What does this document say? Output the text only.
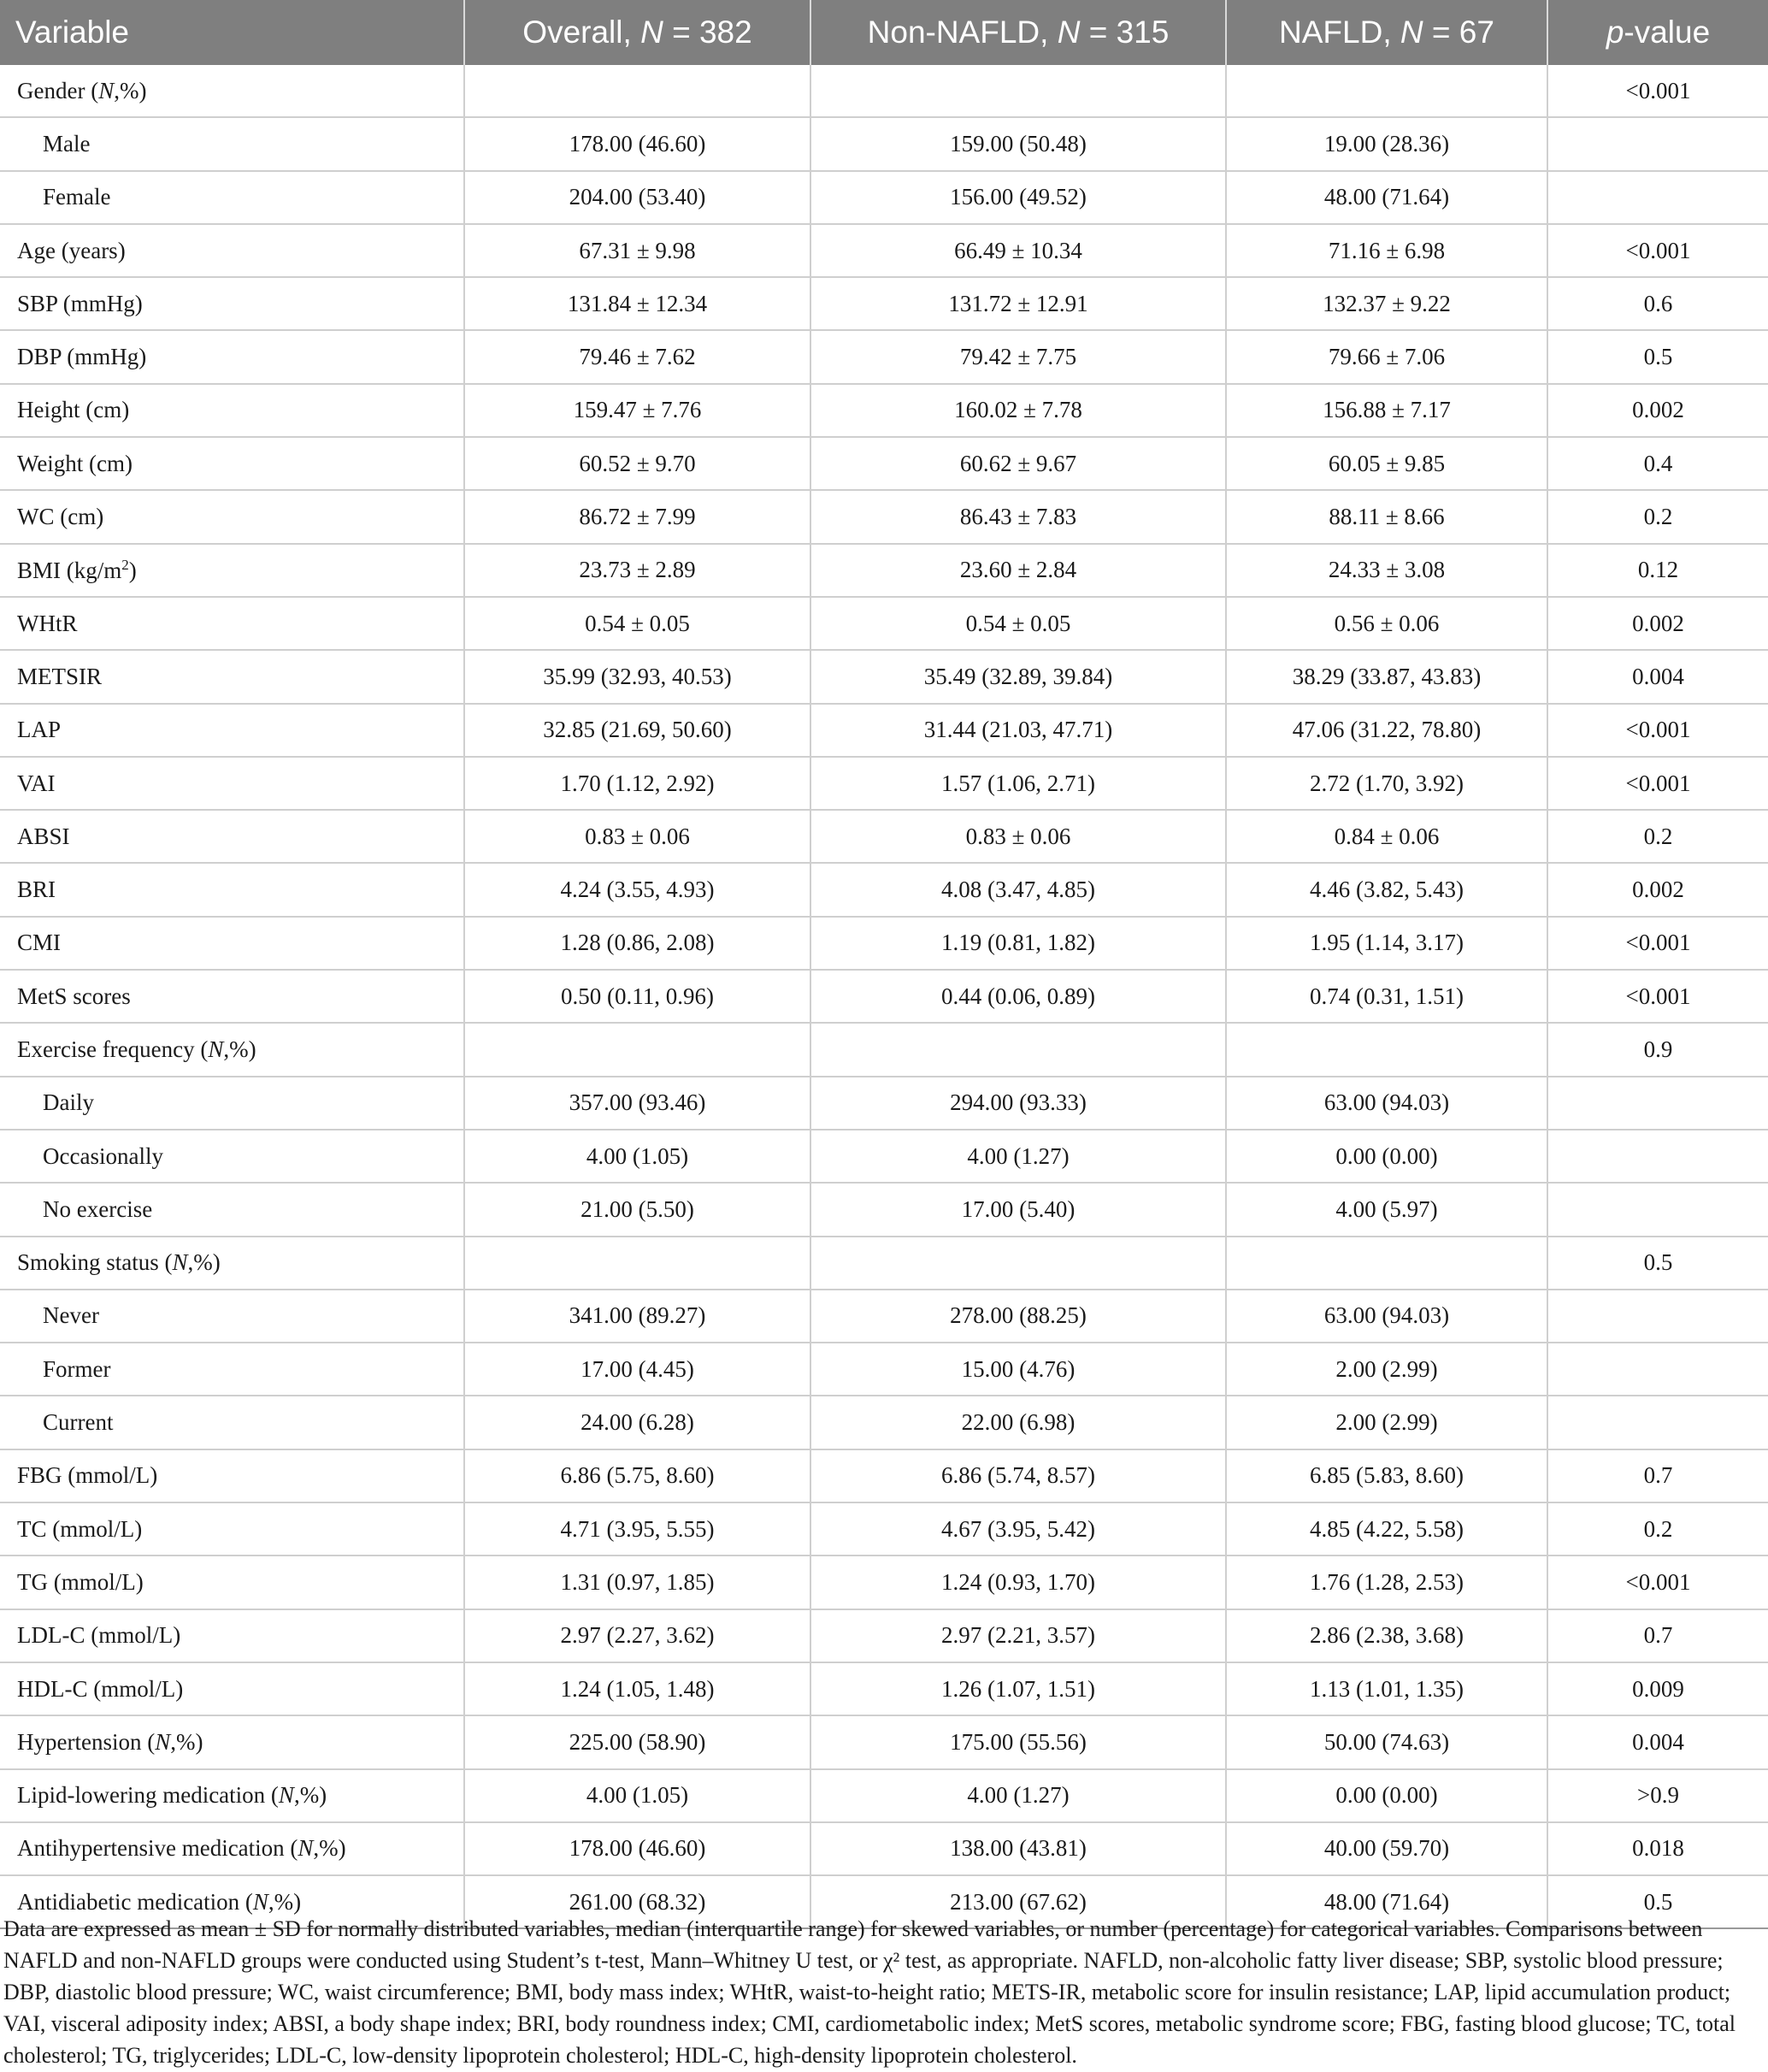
Variable	Overall, N = 382	Non-NAFLD, N = 315	NAFLD, N = 67	p-value
Gender (N,%)				<0.001
Male	178.00 (46.60)	159.00 (50.48)	19.00 (28.36)	
Female	204.00 (53.40)	156.00 (49.52)	48.00 (71.64)	
Age (years)	67.31 ± 9.98	66.49 ± 10.34	71.16 ± 6.98	<0.001
SBP (mmHg)	131.84 ± 12.34	131.72 ± 12.91	132.37 ± 9.22	0.6
DBP (mmHg)	79.46 ± 7.62	79.42 ± 7.75	79.66 ± 7.06	0.5
Height (cm)	159.47 ± 7.76	160.02 ± 7.78	156.88 ± 7.17	0.002
Weight (cm)	60.52 ± 9.70	60.62 ± 9.67	60.05 ± 9.85	0.4
WC (cm)	86.72 ± 7.99	86.43 ± 7.83	88.11 ± 8.66	0.2
BMI $(kg/m^2)$	23.73 ± 2.89	23.60 ± 2.84	24.33 ± 3.08	0.12
WHtR	0.54 ± 0.05	0.54 ± 0.05	0.56 ± 0.06	0.002
METSIR	35.99 (32.93, 40.53)	35.49 (32.89, 39.84)	38.29 (33.87, 43.83)	0.004
LAP	32.85 (21.69, 50.60)	31.44 (21.03, 47.71)	47.06 (31.22, 78.80)	<0.001
VAI	1.70 (1.12, 2.92)	1.57 (1.06, 2.71)	2.72 (1.70, 3.92)	<0.001
ABSI	0.83 ± 0.06	0.83 ± 0.06	0.84 ± 0.06	0.2
BRI	4.24 (3.55, 4.93)	4.08 (3.47, 4.85)	4.46 (3.82, 5.43)	0.002
CMI	1.28 (0.86, 2.08)	1.19 (0.81, 1.82)	1.95 (1.14, 3.17)	<0.001
MetS scores	0.50 (0.11, 0.96)	0.44 (0.06, 0.89)	0.74 (0.31, 1.51)	<0.001
Exercise frequency (N,%)				0.9
Daily	357.00 (93.46)	294.00 (93.33)	63.00 (94.03)	
Occasionally	4.00 (1.05)	4.00 (1.27)	0.00 (0.00)	
No exercise	21.00 (5.50)	17.00 (5.40)	4.00 (5.97)	
Smoking status (N,%)				0.5
Never	341.00 (89.27)	278.00 (88.25)	63.00 (94.03)	
Former	17.00 (4.45)	15.00 (4.76)	2.00 (2.99)	
Current	24.00 (6.28)	22.00 (6.98)	2.00 (2.99)	
FBG (mmol/L)	6.86 (5.75, 8.60)	6.86 (5.74, 8.57)	6.85 (5.83, 8.60)	0.7
TC (mmol/L)	4.71 (3.95, 5.55)	4.67 (3.95, 5.42)	4.85 (4.22, 5.58)	0.2
TG (mmol/L)	1.31 (0.97, 1.85)	1.24 (0.93, 1.70)	1.76 (1.28, 2.53)	<0.001
LDL-C (mmol/L)	2.97 (2.27, 3.62)	2.97 (2.21, 3.57)	2.86 (2.38, 3.68)	0.7
HDL-C (mmol/L)	1.24 (1.05, 1.48)	1.26 (1.07, 1.51)	1.13 (1.01, 1.35)	0.009
Hypertension (N,%)	225.00 (58.90)	175.00 (55.56)	50.00 (74.63)	0.004
Lipid-lowering medication (N,%)	4.00 (1.05)	4.00 (1.27)	0.00 (0.00)	>0.9
Antihypertensive medication (N,%)	178.00 (46.60)	138.00 (43.81)	40.00 (59.70)	0.018
Antidiabetic medication (N,%)	261.00 (68.32)	213.00 (67.62)	48.00 (71.64)	0.5

Data are expressed as mean ± SD for normally distributed variables, median (interquartile range) for skewed variables, or number (percentage) for categorical variables. Comparisons between NAFLD and non-NAFLD groups were conducted using Student’s t-test, Mann–Whitney U test, or χ² test, as appropriate. NAFLD, non-alcoholic fatty liver disease; SBP, systolic blood pressure; DBP, diastolic blood pressure; WC, waist circumference; BMI, body mass index; WHtR, waist-to-height ratio; METS-IR, metabolic score for insulin resistance; LAP, lipid accumulation product; VAI, visceral adiposity index; ABSI, a body shape index; BRI, body roundness index; CMI, cardiometabolic index; MetS scores, metabolic syndrome score; FBG, fasting blood glucose; TC, total cholesterol; TG, triglycerides; LDL-C, low-density lipoprotein cholesterol; HDL-C, high-density lipoprotein cholesterol.
